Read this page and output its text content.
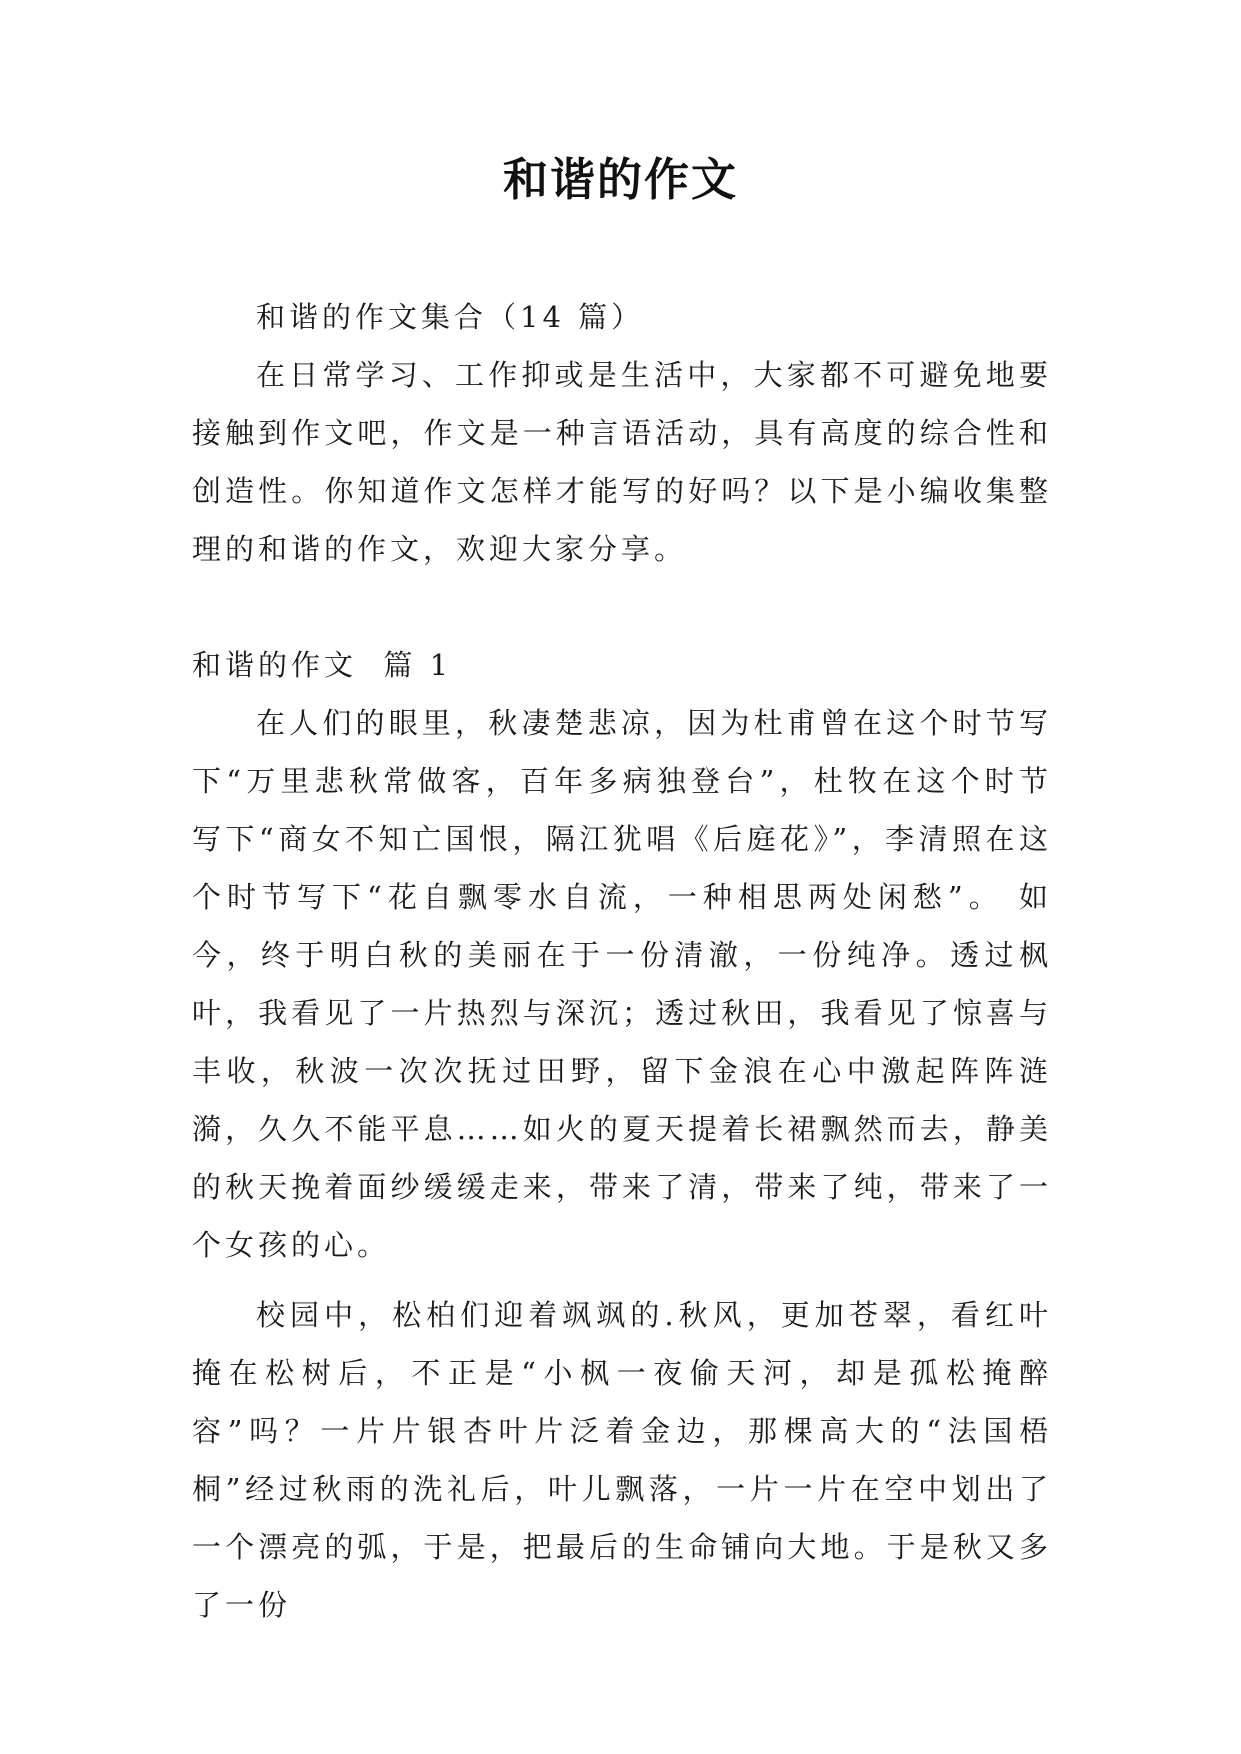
和谐的作文

和谐的作文集合（14 篇）

在日常学习、工作抑或是生活中，大家都不可避免地要接触到作文吧，作文是一种言语活动，具有高度的综合性和创造性。你知道作文怎样才能写的好吗？以下是小编收集整理的和谐的作文，欢迎大家分享。

和谐的作文  篇 1

在人们的眼里，秋凄楚悲凉，因为杜甫曾在这个时节写下“万里悲秋常做客，百年多病独登台”，杜牧在这个时节写下“商女不知亡国恨，隔江犹唱《后庭花》”，李清照在这个时节写下“花自飘零水自流，一种相思两处闲愁”。 如今，终于明白秋的美丽在于一份清澈，一份纯净。透过枫叶，我看见了一片热烈与深沉；透过秋田，我看见了惊喜与丰收，秋波一次次抚过田野，留下金浪在心中激起阵阵涟漪，久久不能平息……如火的夏天提着长裙飘然而去，静美的秋天挽着面纱缓缓走来，带来了清，带来了纯，带来了一个女孩的心。

校园中，松柏们迎着飒飒的.秋风，更加苍翠，看红叶掩在松树后，不正是“小枫一夜偷天河，却是孤松掩醉容”吗？一片片银杏叶片泛着金边，那棵高大的“法国梧桐”经过秋雨的洗礼后，叶儿飘落，一片一片在空中划出了一个漂亮的弧，于是，把最后的生命铺向大地。于是秋又多了一份
